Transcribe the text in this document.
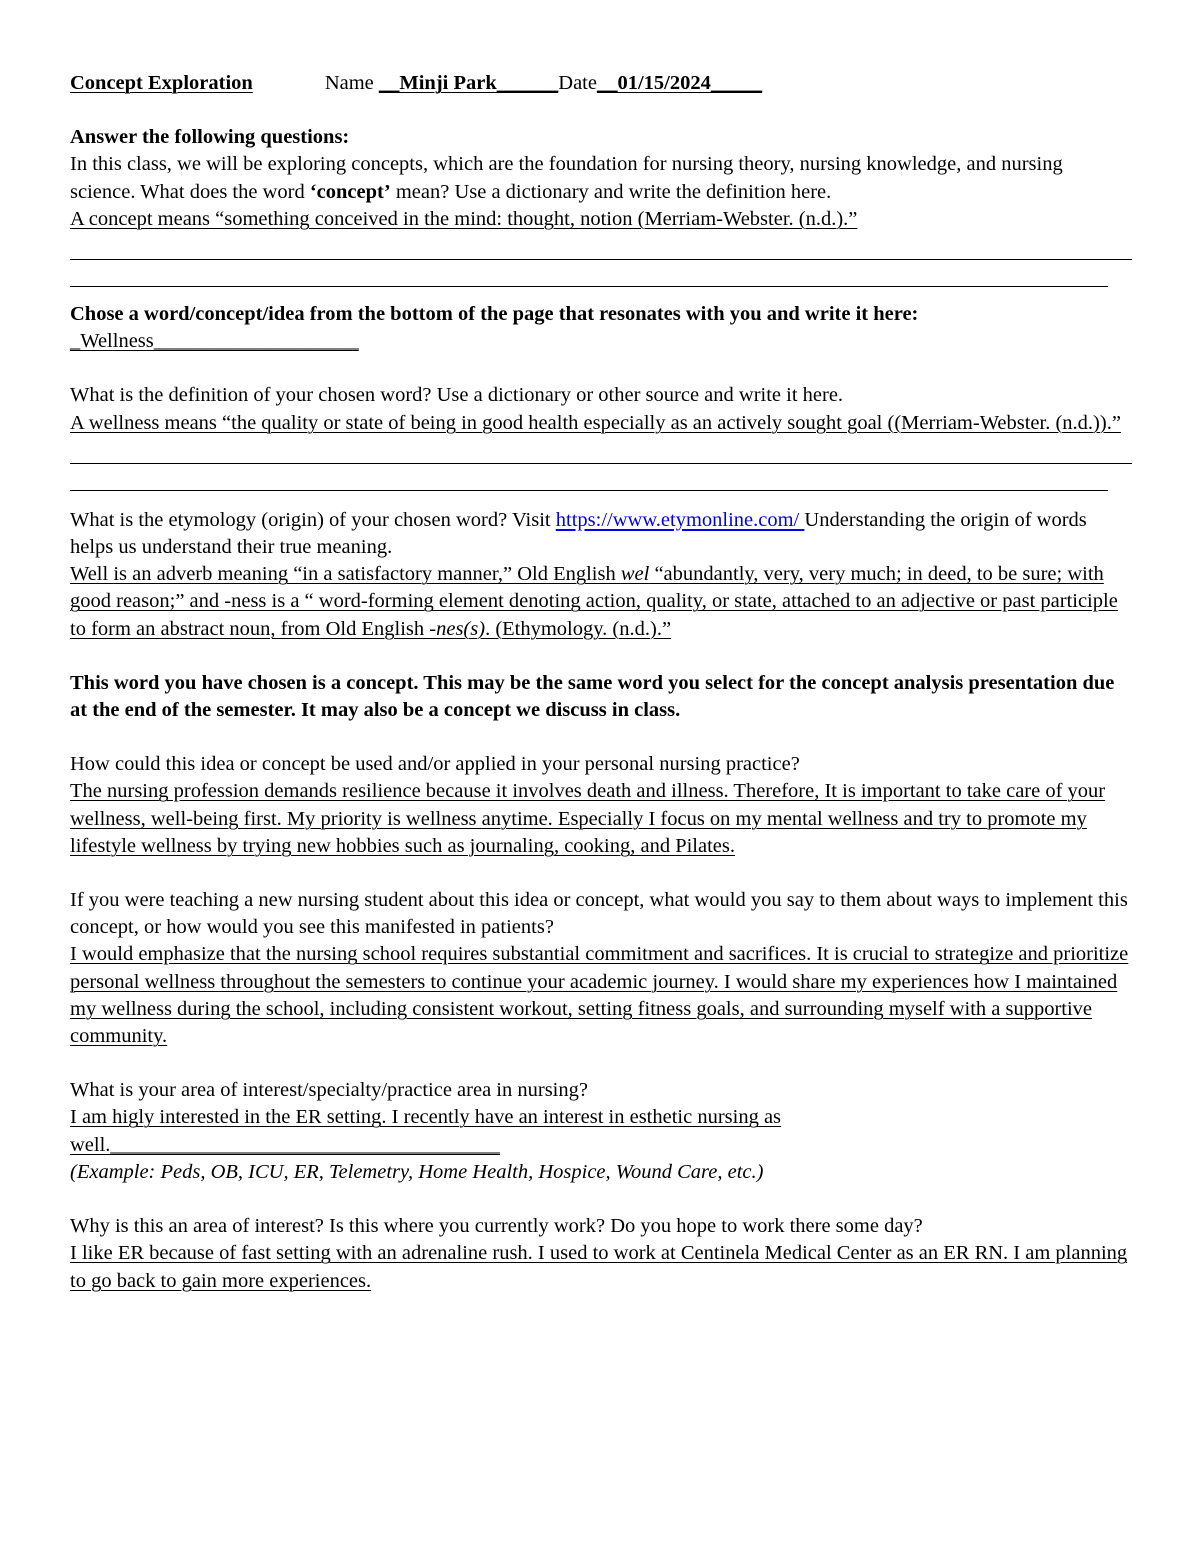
Concept Exploration	Name __Minji Park______Date__01/15/2024_____

Answer the following questions:

In this class, we will be exploring concepts, which are the foundation for nursing theory, nursing knowledge, and nursing science. What does the word ‘concept’ mean? Use a dictionary and write the definition here.

A concept means “something conceived in the mind: thought, notion (Merriam-Webster. (n.d.).”

Chose a word/concept/idea from the bottom of the page that resonates with you and write it here:

_Wellness____________________

What is the definition of your chosen word? Use a dictionary or other source and write it here.

A wellness means “the quality or state of being in good health especially as an actively sought goal ((Merriam-Webster. (n.d.)).”

What is the etymology (origin) of your chosen word? Visit https://www.etymonline.com/ Understanding the origin of words helps us understand their true meaning.

Well is an adverb meaning “in a satisfactory manner,” Old English wel “abundantly, very, very much; in deed, to be sure; with good reason;” and -ness is a “ word-forming element denoting action, quality, or state, attached to an adjective or past participle to form an abstract noun, from Old English -nes(s). (Ethymology. (n.d.).”

This word you have chosen is a concept. This may be the same word you select for the concept analysis presentation due at the end of the semester. It may also be a concept we discuss in class.

How could this idea or concept be used and/or applied in your personal nursing practice?

The nursing profession demands resilience because it involves death and illness. Therefore, It is important to take care of your wellness, well-being first. My priority is wellness anytime. Especially I focus on my mental wellness and try to promote my lifestyle wellness by trying new hobbies such as journaling, cooking, and Pilates.

If you were teaching a new nursing student about this idea or concept, what would you say to them about ways to implement this concept, or how would you see this manifested in patients?

I would emphasize that the nursing school requires substantial commitment and sacrifices. It is crucial to strategize and prioritize personal wellness throughout the semesters to continue your academic journey. I would share my experiences how I maintained my wellness during the school, including consistent workout, setting fitness goals, and surrounding myself with a supportive community.

What is your area of interest/specialty/practice area in nursing?

I am higly interested in the ER setting. I recently have an interest in esthetic nursing as well.______________________________________

(Example: Peds, OB, ICU, ER, Telemetry, Home Health, Hospice, Wound Care, etc.)

Why is this an area of interest? Is this where you currently work? Do you hope to work there some day?

I like ER because of fast setting with an adrenaline rush. I used to work at Centinela Medical Center as an ER RN. I am planning to go back to gain more experiences.
